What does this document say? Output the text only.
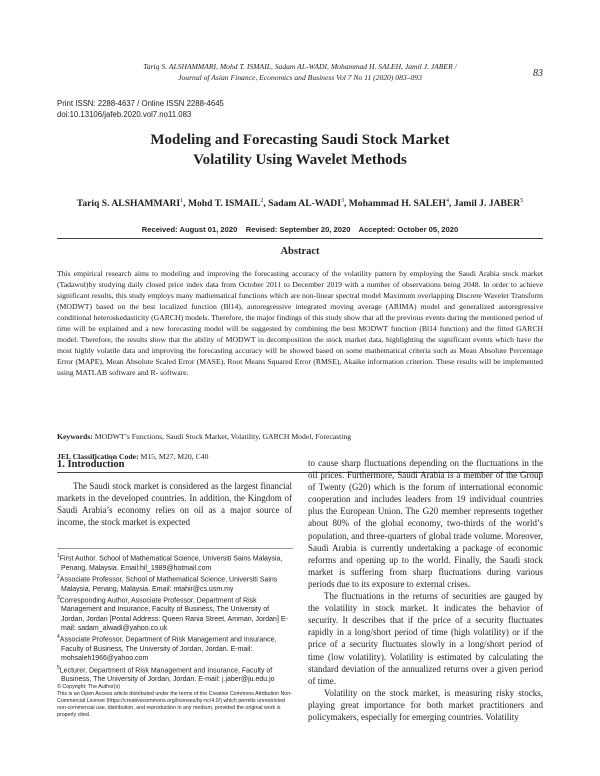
Tariq S. ALSHAMMARI, Mohd T. ISMAIL, Sadam AL-WADI, Mohammad H. SALEH, Jamil J. JABER /
Journal of Asian Finance, Economics and Business Vol 7 No 11 (2020) 083–093	83
Print ISSN: 2288-4637 / Online ISSN 2288-4645
doi:10.13106/jafeb.2020.vol7.no11.083
Modeling and Forecasting Saudi Stock Market
Volatility Using Wavelet Methods
Tariq S. ALSHAMMARI$^1$, Mohd T. ISMAIL$^2$, Sadam AL-WADI$^3$, Mohammad H. SALEH$^4$, Jamil J. JABER$^5$
Received: August 01, 2020    Revised: September 20, 2020    Accepted: October 05, 2020
Abstract
This empirical research aims to modeling and improving the forecasting accuracy of the volatility pattern by employing the Saudi Arabia stock market (Tadawul)by studying daily closed price index data from October 2011 to December 2019 with a number of observations being 2048. In order to achieve significant results, this study employs many mathematical functions which are non-linear spectral model Maximum overlapping Discrete Wavelet Transform (MODWT) based on the best localized function (Bl14), autoregressive integrated moving average (ARIMA) model and generalized autoregressive conditional heteroskedasticity (GARCH) models. Therefore, the major findings of this study show that all the previous events during the mentioned period of time will be explained and a new forecasting model will be suggested by combining the best MODWT function (Bl14 function) and the fitted GARCH model. Therefore, the results show that the ability of MODWT in decomposition the stock market data, highlighting the significant events which have the most highly volatile data and improving the forecasting accuracy will be showed based on some mathematical criteria such as Mean Absolute Percentage Error (MAPE), Mean Absolute Scaled Error (MASE), Root Means Squared Error (RMSE), Akaike information criterion. These results will be implemented using MATLAB software and R- software.
Keywords: MODWT’s Functions, Saudi Stock Market, Volatility, GARCH Model, Forecasting
JEL Classification Code: M15, M27, M20, C40
1. Introduction

The Saudi stock market is considered as the largest financial markets in the developed countries. In addition, the Kingdom of Saudi Arabia’s economy relies on oil as a major source of income, the stock market is expected

$^1$First Author. School of Mathematical Science, Universiti Sains Malaysia, Penang, Malaysia. Email:hil_1989@hotmail.com
$^2$Associate Professor, School of Mathematical Science, Universiti Sains Malaysia, Penang, Malaysia. Email: mtahir@cs.usm.my
$^3$Corresponding Author, Associate Professor, Department of Risk Management and Insurance, Faculty of Business, The University of Jordan, Jordan [Postal Address: Queen Rania Street, Amman, Jordan] E-mail: sadam_alwadi@yahoo.co.uk
$^4$Associate Professor, Department of Risk Management and Insurance, Faculty of Business, The University of Jordan, Jordan. E-mail: mohsaleh1966@yahoo.com
$^5$Lecturer, Department of Risk Management and Insurance, Faculty of Business, The University of Jordan, Jordan. E-mail: j.jaber@ju.edu.jo
© Copyright: The Author(s)
This is an Open Access article distributed under the terms of the Creative Commons Attribution Non-Commercial License (https://creativecommons.org/licenses/by-nc/4.0/) which permits unrestricted non-commercial use, distribution, and reproduction in any medium, provided the original work is properly cited.

to cause sharp fluctuations depending on the fluctuations in the oil prices. Furthermore, Saudi Arabia is a member of the Group of Twenty (G20) which is the forum of international economic cooperation and includes leaders from 19 individual countries plus the European Union. The G20 member represents together about 80% of the global economy, two-thirds of the world’s population, and three-quarters of global trade volume. Moreover, Saudi Arabia is currently undertaking a package of economic reforms and opening up to the world. Finally, the Saudi stock market is suffering from sharp fluctuations during various periods due to its exposure to external crises.

The fluctuations in the returns of securities are gauged by the volatility in stock market. It indicates the behavior of security. It describes that if the price of a security fluctuates rapidly in a long/short period of time (high volatility) or if the price of a security fluctuates slowly in a long/short period of time (low volatility). Volatility is estimated by calculating the standard deviation of the annualized returns over a given period of time.

Volatility on the stock market, is measuring risky stocks, playing great importance for both market practitioners and policymakers, especially for emerging countries. Volatility
